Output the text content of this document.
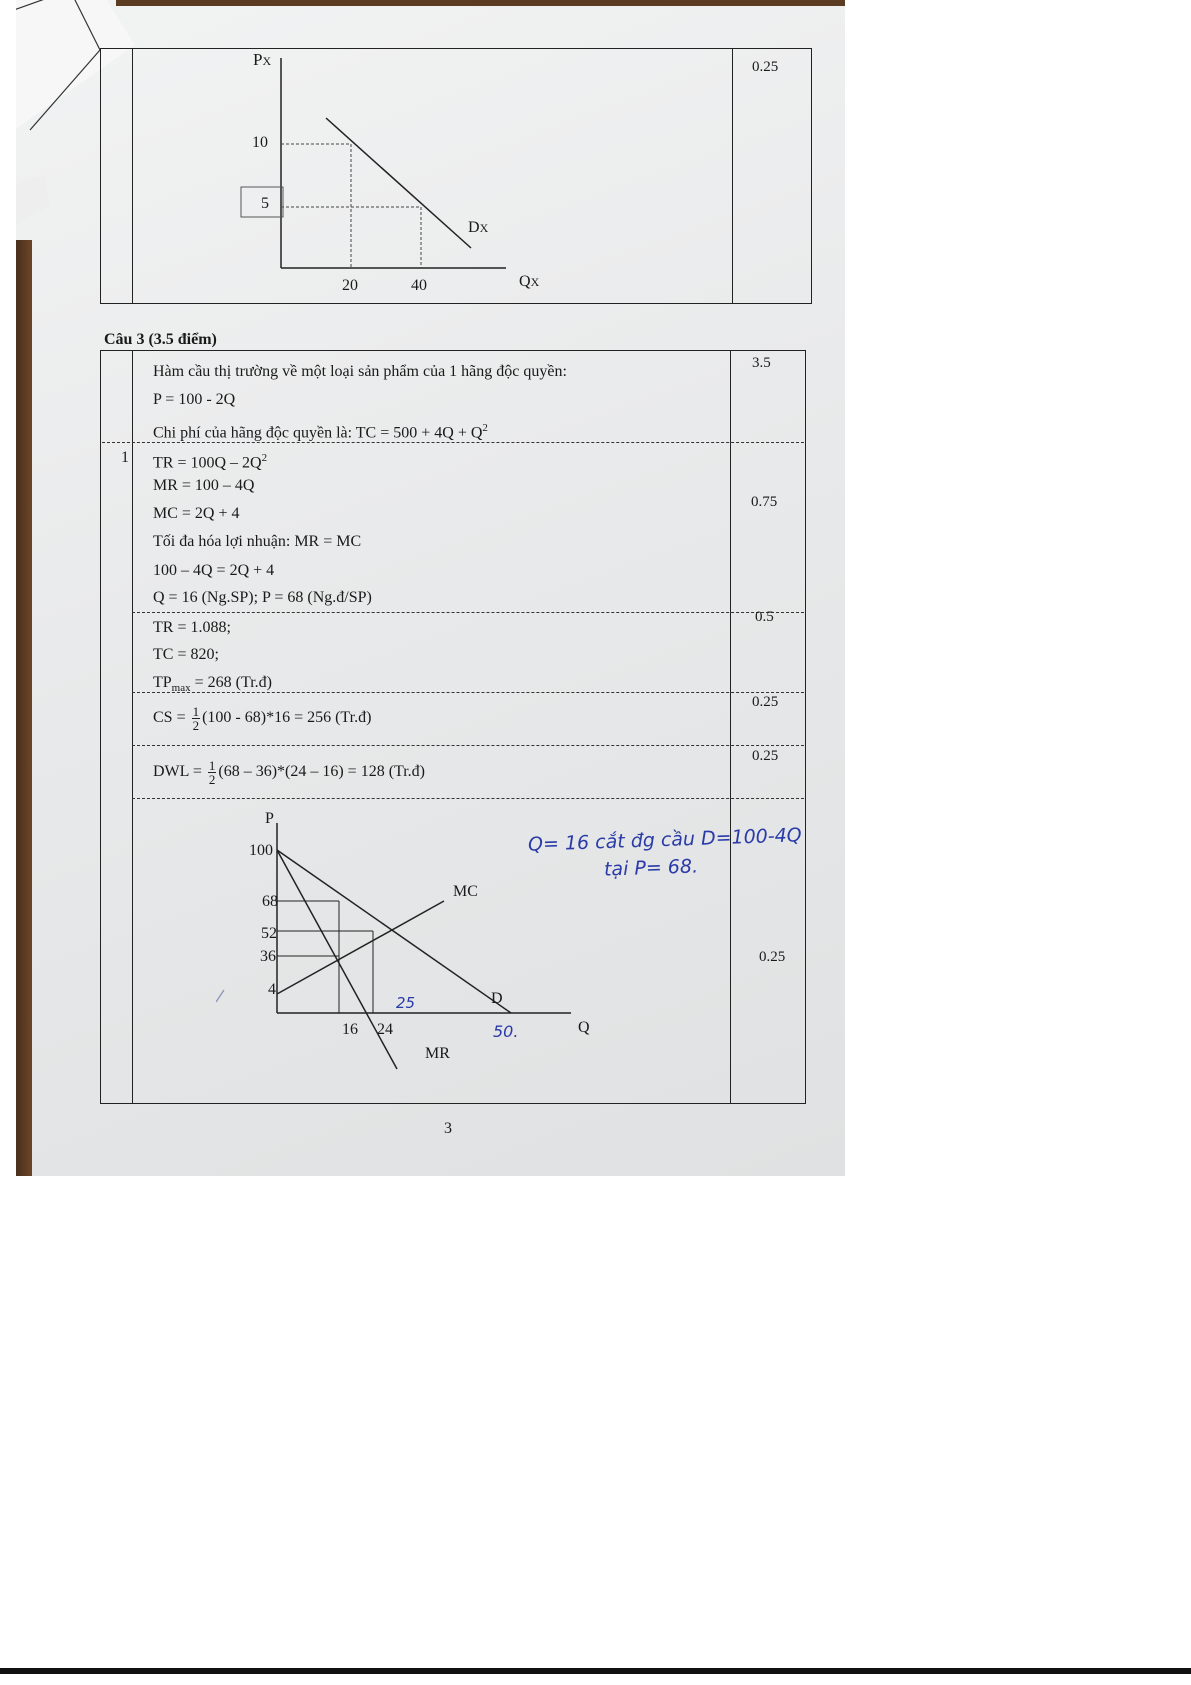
0.25
PX
10
5
20	40
DX
QX
Câu 3 (3.5 điểm)
Hàm cầu thị trường về một loại sản phẩm của 1 hãng độc quyền:
P = 100 - 2Q
Chi phí của hãng độc quyền là: TC = $500 + 4Q + Q^2$
3.5
1 TR = $100Q - 2Q^2$
MR = 100 – 4Q
MC = 2Q + 4
Tối đa hóa lợi nhuận: MR = MC
100 – 4Q = 2Q + 4
Q = 16 (Ng.SP); P = 68 (Ng.đ/SP)
0.75
TR = 1.088;
TC = 820;
$TP_{max} = 268$ (Tr.đ)
0.5
CS = $\frac{1}{2} (100 - 68)*16 = 256$ (Tr.đ)
0.25
DWL = $\frac{1}{2} (68 - 36)*(24 - 16) = 128$ (Tr.đ)
0.25
P
100
68
52
36
4
16 24
MC
D
MR
Q
0.25
Q= 16 cắt đg cầu D=100-4Q
tại P= 68.
25
50.
3
